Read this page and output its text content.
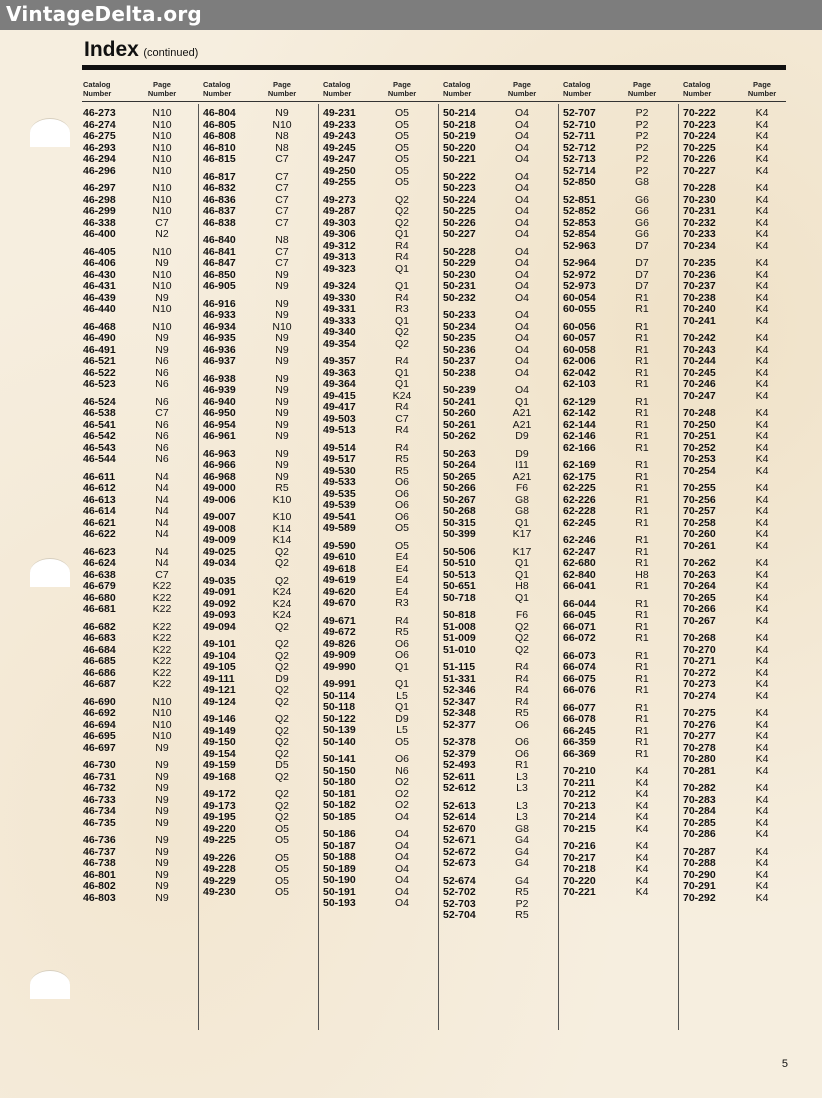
VintageDelta.org
Index (continued)
Catalog
Number
Page
Number
Catalog
Number
Page
Number
Catalog
Number
Page
Number
Catalog
Number
Page
Number
Catalog
Number
Page
Number
Catalog
Number
Page
Number
46-273	N10
46-274	N10
46-275	N10
46-293	N10
46-294	N10
46-296	N10
46-297	N10
46-298	N10
46-299	N10
46-338	C7
46-400	N2
46-405	N10
46-406	N9
46-430	N10
46-431	N10
46-439	N9
46-440	N10
46-468	N10
46-490	N9
46-491	N9
46-521	N6
46-522	N6
46-523	N6
46-524	N6
46-538	C7
46-541	N6
46-542	N6
46-543	N6
46-544	N6
46-611	N4
46-612	N4
46-613	N4
46-614	N4
46-621	N4
46-622	N4
46-623	N4
46-624	N4
46-638	C7
46-679	K22
46-680	K22
46-681	K22
46-682	K22
46-683	K22
46-684	K22
46-685	K22
46-686	K22
46-687	K22
46-690	N10
46-692	N10
46-694	N10
46-695	N10
46-697	N9
46-730	N9
46-731	N9
46-732	N9
46-733	N9
46-734	N9
46-735	N9
46-736	N9
46-737	N9
46-738	N9
46-801	N9
46-802	N9
46-803	N9
46-804	N9
46-805	N10
46-808	N8
46-810	N8
46-815	C7
46-817	C7
46-832	C7
46-836	C7
46-837	C7
46-838	C7
46-840	N8
46-841	C7
46-847	C7
46-850	N9
46-905	N9
46-916	N9
46-933	N9
46-934	N10
46-935	N9
46-936	N9
46-937	N9
46-938	N9
46-939	N9
46-940	N9
46-950	N9
46-954	N9
46-961	N9
46-963	N9
46-966	N9
46-968	N9
49-000	R5
49-006	K10
49-007	K10
49-008	K14
49-009	K14
49-025	Q2
49-034	Q2
49-035	Q2
49-091	K24
49-092	K24
49-093	K24
49-094	Q2
49-101	Q2
49-104	Q2
49-105	Q2
49-111	D9
49-121	Q2
49-124	Q2
49-146	Q2
49-149	Q2
49-150	Q2
49-154	Q2
49-159	D5
49-168	Q2
49-172	Q2
49-173	Q2
49-195	Q2
49-220	O5
49-225	O5
49-226	O5
49-228	O5
49-229	O5
49-230	O5
49-231	O5
49-233	O5
49-243	O5
49-245	O5
49-247	O5
49-250	O5
49-255	O5
49-273	Q2
49-287	Q2
49-303	Q2
49-306	Q1
49-312	R4
49-313	R4
49-323	Q1
49-324	Q1
49-330	R4
49-331	R3
49-333	Q1
49-340	Q2
49-354	Q2
49-357	R4
49-363	Q1
49-364	Q1
49-415	K24
49-417	R4
49-503	C7
49-513	R4
49-514	R4
49-517	R5
49-530	R5
49-533	O6
49-535	O6
49-539	O6
49-541	O6
49-589	O5
49-590	O5
49-610	E4
49-618	E4
49-619	E4
49-620	E4
49-670	R3
49-671	R4
49-672	R5
49-826	O6
49-909	O6
49-990	Q1
49-991	Q1
50-114	L5
50-118	Q1
50-122	D9
50-139	L5
50-140	O5
50-141	O6
50-150	N6
50-180	O2
50-181	O2
50-182	O2
50-185	O4
50-186	O4
50-187	O4
50-188	O4
50-189	O4
50-190	O4
50-191	O4
50-193	O4
50-214	O4
50-218	O4
50-219	O4
50-220	O4
50-221	O4
50-222	O4
50-223	O4
50-224	O4
50-225	O4
50-226	O4
50-227	O4
50-228	O4
50-229	O4
50-230	O4
50-231	O4
50-232	O4
50-233	O4
50-234	O4
50-235	O4
50-236	O4
50-237	O4
50-238	O4
50-239	O4
50-241	Q1
50-260	A21
50-261	A21
50-262	D9
50-263	D9
50-264	I11
50-265	A21
50-266	F6
50-267	G8
50-268	G8
50-315	Q1
50-399	K17
50-506	K17
50-510	Q1
50-513	Q1
50-651	H8
50-718	Q1
50-818	F6
51-008	Q2
51-009	Q2
51-010	Q2
51-115	R4
51-331	R4
52-346	R4
52-347	R4
52-348	R5
52-377	O6
52-378	O6
52-379	O6
52-493	R1
52-611	L3
52-612	L3
52-613	L3
52-614	L3
52-670	G8
52-671	G4
52-672	G4
52-673	G4
52-674	G4
52-702	R5
52-703	P2
52-704	R5
52-707	P2
52-710	P2
52-711	P2
52-712	P2
52-713	P2
52-714	P2
52-850	G8
52-851	G6
52-852	G6
52-853	G6
52-854	G6
52-963	D7
52-964	D7
52-972	D7
52-973	D7
60-054	R1
60-055	R1
60-056	R1
60-057	R1
60-058	R1
62-006	R1
62-042	R1
62-103	R1
62-129	R1
62-142	R1
62-144	R1
62-146	R1
62-166	R1
62-169	R1
62-175	R1
62-225	R1
62-226	R1
62-228	R1
62-245	R1
62-246	R1
62-247	R1
62-680	R1
62-840	H8
66-041	R1
66-044	R1
66-045	R1
66-071	R1
66-072	R1
66-073	R1
66-074	R1
66-075	R1
66-076	R1
66-077	R1
66-078	R1
66-245	R1
66-359	R1
66-369	R1
70-210	K4
70-211	K4
70-212	K4
70-213	K4
70-214	K4
70-215	K4
70-216	K4
70-217	K4
70-218	K4
70-220	K4
70-221	K4
70-222	K4
70-223	K4
70-224	K4
70-225	K4
70-226	K4
70-227	K4
70-228	K4
70-230	K4
70-231	K4
70-232	K4
70-233	K4
70-234	K4
70-235	K4
70-236	K4
70-237	K4
70-238	K4
70-240	K4
70-241	K4
70-242	K4
70-243	K4
70-244	K4
70-245	K4
70-246	K4
70-247	K4
70-248	K4
70-250	K4
70-251	K4
70-252	K4
70-253	K4
70-254	K4
70-255	K4
70-256	K4
70-257	K4
70-258	K4
70-260	K4
70-261	K4
70-262	K4
70-263	K4
70-264	K4
70-265	K4
70-266	K4
70-267	K4
70-268	K4
70-270	K4
70-271	K4
70-272	K4
70-273	K4
70-274	K4
70-275	K4
70-276	K4
70-277	K4
70-278	K4
70-280	K4
70-281	K4
70-282	K4
70-283	K4
70-284	K4
70-285	K4
70-286	K4
70-287	K4
70-288	K4
70-290	K4
70-291	K4
70-292	K4
5
